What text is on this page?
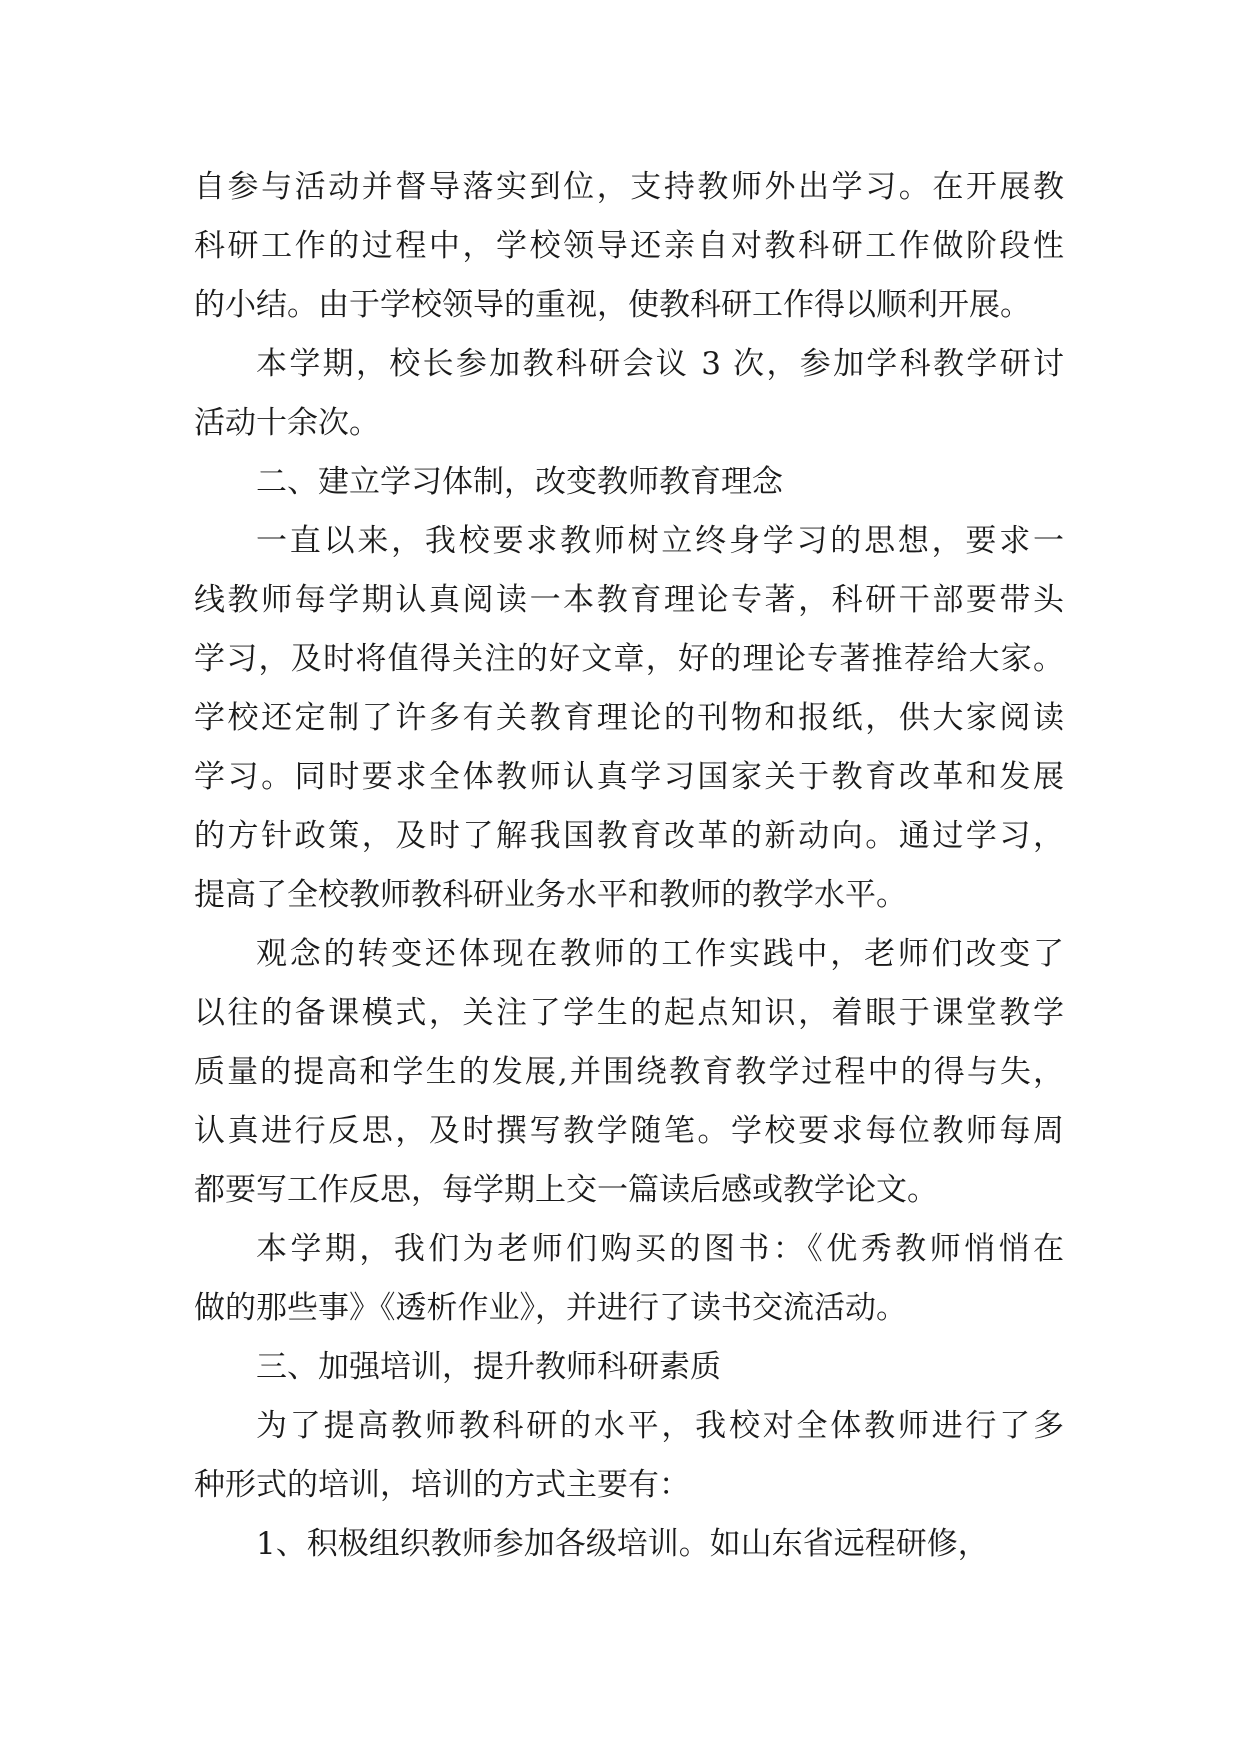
自参与活动并督导落实到位，支持教师外出学习。在开展教
科研工作的过程中，学校领导还亲自对教科研工作做阶段性
的小结。由于学校领导的重视，使教科研工作得以顺利开展。
本学期，校长参加教科研会议 3 次，参加学科教学研讨
活动十余次。
二、建立学习体制，改变教师教育理念
一直以来，我校要求教师树立终身学习的思想，要求一
线教师每学期认真阅读一本教育理论专著，科研干部要带头
学习，及时将值得关注的好文章，好的理论专著推荐给大家。
学校还定制了许多有关教育理论的刊物和报纸，供大家阅读
学习。同时要求全体教师认真学习国家关于教育改革和发展
的方针政策，及时了解我国教育改革的新动向。通过学习，
提高了全校教师教科研业务水平和教师的教学水平。
观念的转变还体现在教师的工作实践中，老师们改变了
以往的备课模式，关注了学生的起点知识，着眼于课堂教学
质量的提高和学生的发展,并围绕教育教学过程中的得与失，
认真进行反思，及时撰写教学随笔。学校要求每位教师每周
都要写工作反思，每学期上交一篇读后感或教学论文。
本学期，我们为老师们购买的图书：《优秀教师悄悄在
做的那些事》《透析作业》，并进行了读书交流活动。
三、加强培训，提升教师科研素质
为了提高教师教科研的水平，我校对全体教师进行了多
种形式的培训，培训的方式主要有：
1、积极组织教师参加各级培训。如山东省远程研修，
